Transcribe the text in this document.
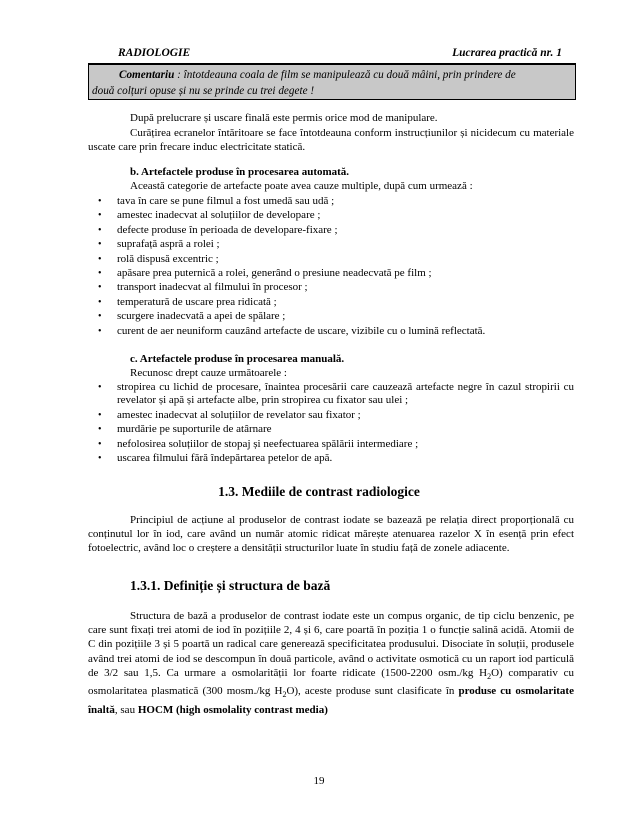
RADIOLOGIE	Lucrarea practică nr. 1
Comentariu : întotdeauna coala de film se manipulează cu două mâini, prin prindere de
două colțuri opuse și nu se prinde cu trei degete !
După prelucrare și uscare finală este permis orice mod de manipulare.
Curățirea ecranelor întăritoare se face întotdeauna conform instrucțiunilor și nicidecum cu materiale uscate care prin frecare induc electricitate statică.
b. Artefactele produse în procesarea automată.
Această categorie de artefacte poate avea cauze multiple, după cum urmează :
•	tava în care se pune filmul a fost umedă sau udă ;
•	amestec inadecvat al soluțiilor de developare ;
•	defecte produse în perioada de developare-fixare ;
•	suprafață aspră a rolei ;
•	rolă dispusă excentric ;
•	apăsare prea puternică a rolei, generând o presiune neadecvată pe film ;
•	transport inadecvat al filmului în procesor ;
•	temperatură de uscare prea ridicată ;
•	scurgere inadecvată a apei de spălare ;
•	curent de aer neuniform cauzând artefacte de uscare, vizibile cu o lumină reflectată.
c. Artefactele produse în procesarea manuală.
Recunosc drept cauze următoarele :
•	stropirea cu lichid de procesare, înaintea procesării care cauzează artefacte negre în cazul stropirii cu revelator și apă și artefacte albe, prin stropirea cu fixator sau ulei ;
•	amestec inadecvat al soluțiilor de revelator sau fixator ;
•	murdărie pe suporturile de atârnare
•	nefolosirea soluțiilor de stopaj și neefectuarea spălării intermediare ;
•	uscarea filmului fără îndepărtarea petelor de apă.
1.3. Mediile de contrast radiologice
Principiul de acțiune al produselor de contrast iodate se bazează pe relația direct proporțională cu conținutul lor în iod, care având un număr atomic ridicat mărește atenuarea razelor X în esență prin efect fotoelectric, având loc o creștere a densității structurilor luate în studiu față de zonele adiacente.
1.3.1. Definiție și structura de bază
Structura de bază a produselor de contrast iodate este un compus organic, de tip ciclu benzenic, pe care sunt fixați trei atomi de iod în pozițiile 2, 4 și 6, care poartă în poziția 1 o funcție salină acidă. Atomii de C din pozițiile 3 și 5 poartă un radical care generează specificitatea produsului. Disociate în soluții, produsele având trei atomi de iod se descompun în două particole, având o activitate osmotică cu un raport iod particulă de 3/2 sau 1,5. Ca urmare a osmolarității lor foarte ridicate (1500-2200 osm./kg $H_2O$) comparativ cu osmolaritatea plasmatică (300 mosm./kg $H_2O$), aceste produse sunt clasificate în produse cu osmolaritate înaltă, sau HOCM (high osmolality contrast media)
19
